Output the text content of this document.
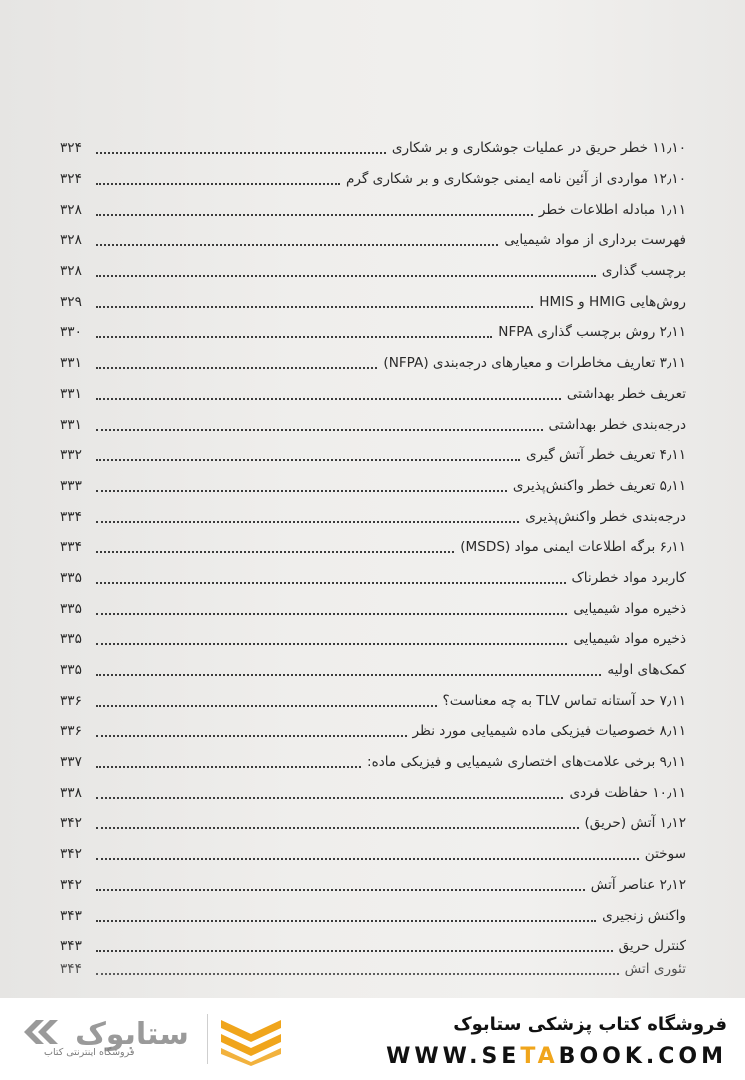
۱۱٫۱۰ خطر حریق در عملیات جوشکاری و بر شکاری
۳۲۴
۱۲٫۱۰ مواردی از آئین نامه ایمنی جوشکاری و بر شکاری گرم
۳۲۴
۱٫۱۱ مبادله اطلاعات خطر
۳۲۸
فهرست برداری از مواد شیمیایی
۳۲۸
برچسب گذاری
۳۲۸
روش‌هایی HMIG و HMIS
۳۲۹
۲٫۱۱ روش برچسب گذاری NFPA
۳۳۰
۳٫۱۱ تعاریف مخاطرات و معیارهای درجه‌بندی (NFPA)
۳۳۱
تعریف خطر بهداشتی
۳۳۱
درجه‌بندی خطر بهداشتی
۳۳۱
۴٫۱۱ تعریف خطر آتش گیری
۳۳۲
۵٫۱۱ تعریف خطر واکنش‌پذیری
۳۳۳
درجه‌بندی خطر واکنش‌پذیری
۳۳۴
۶٫۱۱ برگه اطلاعات ایمنی مواد (MSDS)
۳۳۴
کاربرد مواد خطرناک
۳۳۵
ذخیره مواد شیمیایی
۳۳۵
ذخیره مواد شیمیایی
۳۳۵
کمک‌های اولیه
۳۳۵
۷٫۱۱ حد آستانه تماس TLV به چه معناست؟
۳۳۶
۸٫۱۱ خصوصیات فیزیکی ماده شیمیایی مورد نظر
۳۳۶
۹٫۱۱ برخی علامت‌های اختصاری شیمیایی و فیزیکی ماده:
۳۳۷
۱۰٫۱۱ حفاظت فردی
۳۳۸
۱٫۱۲ آتش (حریق)
۳۴۲
سوختن
۳۴۲
۲٫۱۲ عناصر آتش
۳۴۲
واکنش زنجیری
۳۴۳
کنترل حریق
۳۴۳
تئوری آتش
۳۴۴
ستابوک
فروشگاه اینترنتی کتاب
فروشگاه کتاب پزشکی ستابوک
WWW.SETABOOK.COM
